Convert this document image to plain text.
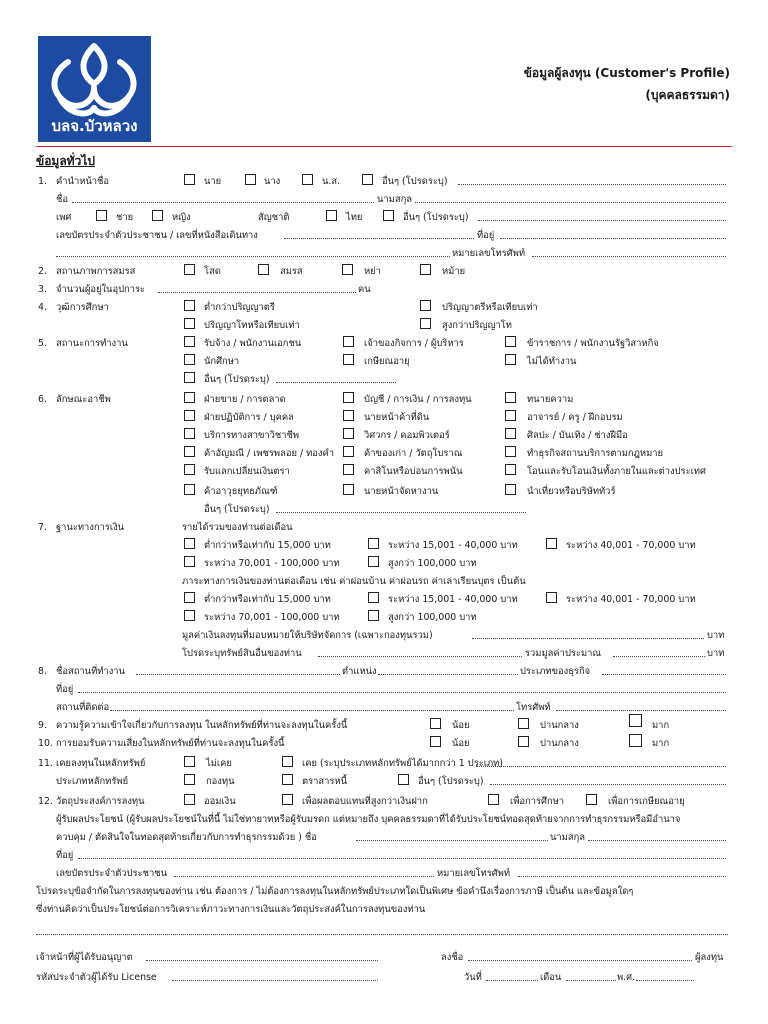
บลจ.บัวหลวง
ข้อมูลผู้ลงทุน (Customer's Profile)
(บุคคลธรรมดา)
ข้อมูลทั่วไป
1. คำนำหน้าชื่อ	นาย	นาง	น.ส.	อื่นๆ (โปรดระบุ)
ชื่อ	นามสกุล
เพศ	ชาย	หญิง	สัญชาติ	ไทย	อื่นๆ (โปรดระบุ)
เลขบัตรประจำตัวประชาชน / เลขที่หนังสือเดินทาง	ที่อยู่
หมายเลขโทรศัพท์
2. สถานภาพการสมรส	โสด	สมรส	หย่า	หม้าย
3. จำนวนผู้อยู่ในอุปการะ	คน
4. วุฒิการศึกษา	ต่ำกว่าปริญญาตรี	ปริญญาตรีหรือเทียบเท่า
ปริญญาโทหรือเทียบเท่า	สูงกว่าปริญญาโท
5. สถานะการทำงาน	รับจ้าง / พนักงานเอกชน	เจ้าของกิจการ / ผู้บริหาร	ข้าราชการ / พนักงานรัฐวิสาหกิจ
นักศึกษา	เกษียณอายุ	ไม่ได้ทำงาน
อื่นๆ (โปรดระบุ)
6. ลักษณะอาชีพ	ฝ่ายขาย / การตลาด	บัญชี / การเงิน / การลงทุน	ทนายความ
ฝ่ายปฏิบัติการ / บุคคล	นายหน้าค้าที่ดิน	อาจารย์ / ครู / ฝึกอบรม
บริการทางสาขาวิชาชีพ	วิศวกร / คอมพิวเตอร์	ศิลปะ / บันเทิง / ช่างฝีมือ
ค้าอัญมณี / เพชรพลอย / ทองคำ	ค้าของเก่า / วัตถุโบราณ	ทำธุรกิจสถานบริการตามกฎหมาย
รับแลกเปลี่ยนเงินตรา	คาสิโนหรือบ่อนการพนัน	โอนและรับโอนเงินทั้งภายในและต่างประเทศ
ค้าอาวุธยุทธภัณฑ์	นายหน้าจัดหางาน	นำเที่ยวหรือบริษัททัวร์
อื่นๆ (โปรดระบุ)
7. ฐานะทางการเงิน	รายได้รวมของท่านต่อเดือน
ต่ำกว่าหรือเท่ากับ 15,000 บาท	ระหว่าง 15,001 - 40,000 บาท	ระหว่าง 40,001 - 70,000 บาท
ระหว่าง 70,001 - 100,000 บาท	สูงกว่า 100,000 บาท
ภาระทางการเงินของท่านต่อเดือน เช่น ค่าผ่อนบ้าน ค่าผ่อนรถ ค่าเล่าเรียนบุตร เป็นต้น
ต่ำกว่าหรือเท่ากับ 15,000 บาท	ระหว่าง 15,001 - 40,000 บาท	ระหว่าง 40,001 - 70,000 บาท
ระหว่าง 70,001 - 100,000 บาท	สูงกว่า 100,000 บาท
มูลค่าเงินลงทุนที่มอบหมายให้บริษัทจัดการ (เฉพาะกองทุนรวม)	บาท
โปรดระบุทรัพย์สินอื่นของท่าน	รวมมูลค่าประมาณ	บาท
8. ชื่อสถานที่ทำงาน	ตำแหน่ง	ประเภทของธุรกิจ
ที่อยู่
สถานที่ติดต่อ	โทรศัพท์
9. ความรู้ความเข้าใจเกี่ยวกับการลงทุน ในหลักทรัพย์ที่ท่านจะลงทุนในครั้งนี้	น้อย	ปานกลาง	มาก
10. การยอมรับความเสี่ยงในหลักทรัพย์ที่ท่านจะลงทุนในครั้งนี้	น้อย	ปานกลาง	มาก
11. เคยลงทุนในหลักทรัพย์	ไม่เคย	เคย (ระบุประเภทหลักทรัพย์ได้มากกว่า 1 ประเภท)
ประเภทหลักทรัพย์	กองทุน	ตราสารหนี้	อื่นๆ (โปรดระบุ)
12. วัตถุประสงค์การลงทุน	ออมเงิน	เพื่อผลตอบแทนที่สูงกว่าเงินฝาก	เพื่อการศึกษา	เพื่อการเกษียณอายุ
ผู้รับผลประโยชน์ (ผู้รับผลประโยชน์ในที่นี้ ไม่ใช่ทายาทหรือผู้รับมรดก แต่หมายถึง บุคคลธรรมดาที่ได้รับประโยชน์ทอดสุดท้ายจากการทำธุรกรรมหรือมีอำนาจ
ควบคุม / ตัดสินใจในทอดสุดท้ายเกี่ยวกับการทำธุรกรรมด้วย ) ชื่อ	นามสกุล
ที่อยู่
เลขบัตรประจำตัวประชาชน	หมายเลขโทรศัพท์
โปรดระบุข้อจำกัดในการลงทุนของท่าน เช่น ต้องการ / ไม่ต้องการลงทุนในหลักทรัพย์ประเภทใดเป็นพิเศษ ข้อคำนึงเรื่องการภาษี เป็นต้น และข้อมูลใดๆ
ซึ่งท่านคิดว่าเป็นประโยชน์ต่อการวิเคราะห์ภาวะทางการเงินและวัตถุประสงค์ในการลงทุนของท่าน
เจ้าหน้าที่ผู้ได้รับอนุญาต	ลงชื่อ	ผู้ลงทุน
รหัสประจำตัวผู้ได้รับ License	วันที่	เดือน	พ.ศ.
